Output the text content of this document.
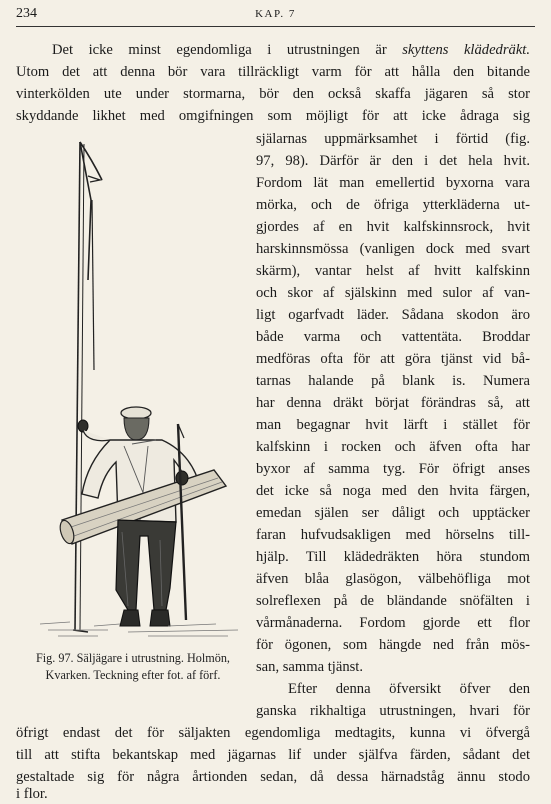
234	KAP. 7
Det icke minst egendomliga i utrustningen är skyttens klädedräkt.
Utom det att denna bör vara tillräckligt varm för att hålla den bitande
vinterkölden ute under stormarna, bör den också skaffa jägaren så stor
skyddande likhet med omgifningen som möjligt för att icke ådraga sig
själarnas uppmärksamhet i förtid (fig.
97, 98). Därför är den i det hela hvit.
Fordom lät man emellertid byxorna vara
mörka, och de öfriga ytterkläderna ut-
gjordes af en hvit kalfskinnsrock, hvit
harskinnsmössa (vanligen dock med svart
skärm), vantar helst af hvitt kalfskinn
och skor af själskinn med sulor af van-
ligt ogarfvadt läder. Sådana skodon äro
både varma och vattentäta. Broddar
medföras ofta för att göra tjänst vid bå-
tarnas halande på blank is. Numera
har denna dräkt börjat förändras så, att
man begagnar hvit lärft i stället för
kalfskinn i rocken och äfven ofta har
byxor af samma tyg. För öfrigt anses
det icke så noga med den hvita färgen,
emedan själen ser dåligt och upptäcker
faran hufvudsakligen med hörselns till-
hjälp. Till klädedräkten höra stundom
äfven blåa glasögon, välbehöfliga mot
solreflexen på de bländande snöfälten i
vårmånaderna. Fordom gjorde ett flor
för ögonen, som hängde ned från mös-
san, samma tjänst.
Efter denna öfversikt öfver den
ganska rikhaltiga utrustningen, hvari för
öfrigt endast det för säljakten egendomliga medtagits, kunna vi öfvergå
till att stifta bekantskap med jägarnas lif under själfva färden, sådant det
gestaltade sig för några årtionden sedan, då dessa härnadståg ännu stodo
i flor.
Fig. 97. Säljägare i utrustning. Holmön,
Kvarken. Teckning efter fot. af förf.
